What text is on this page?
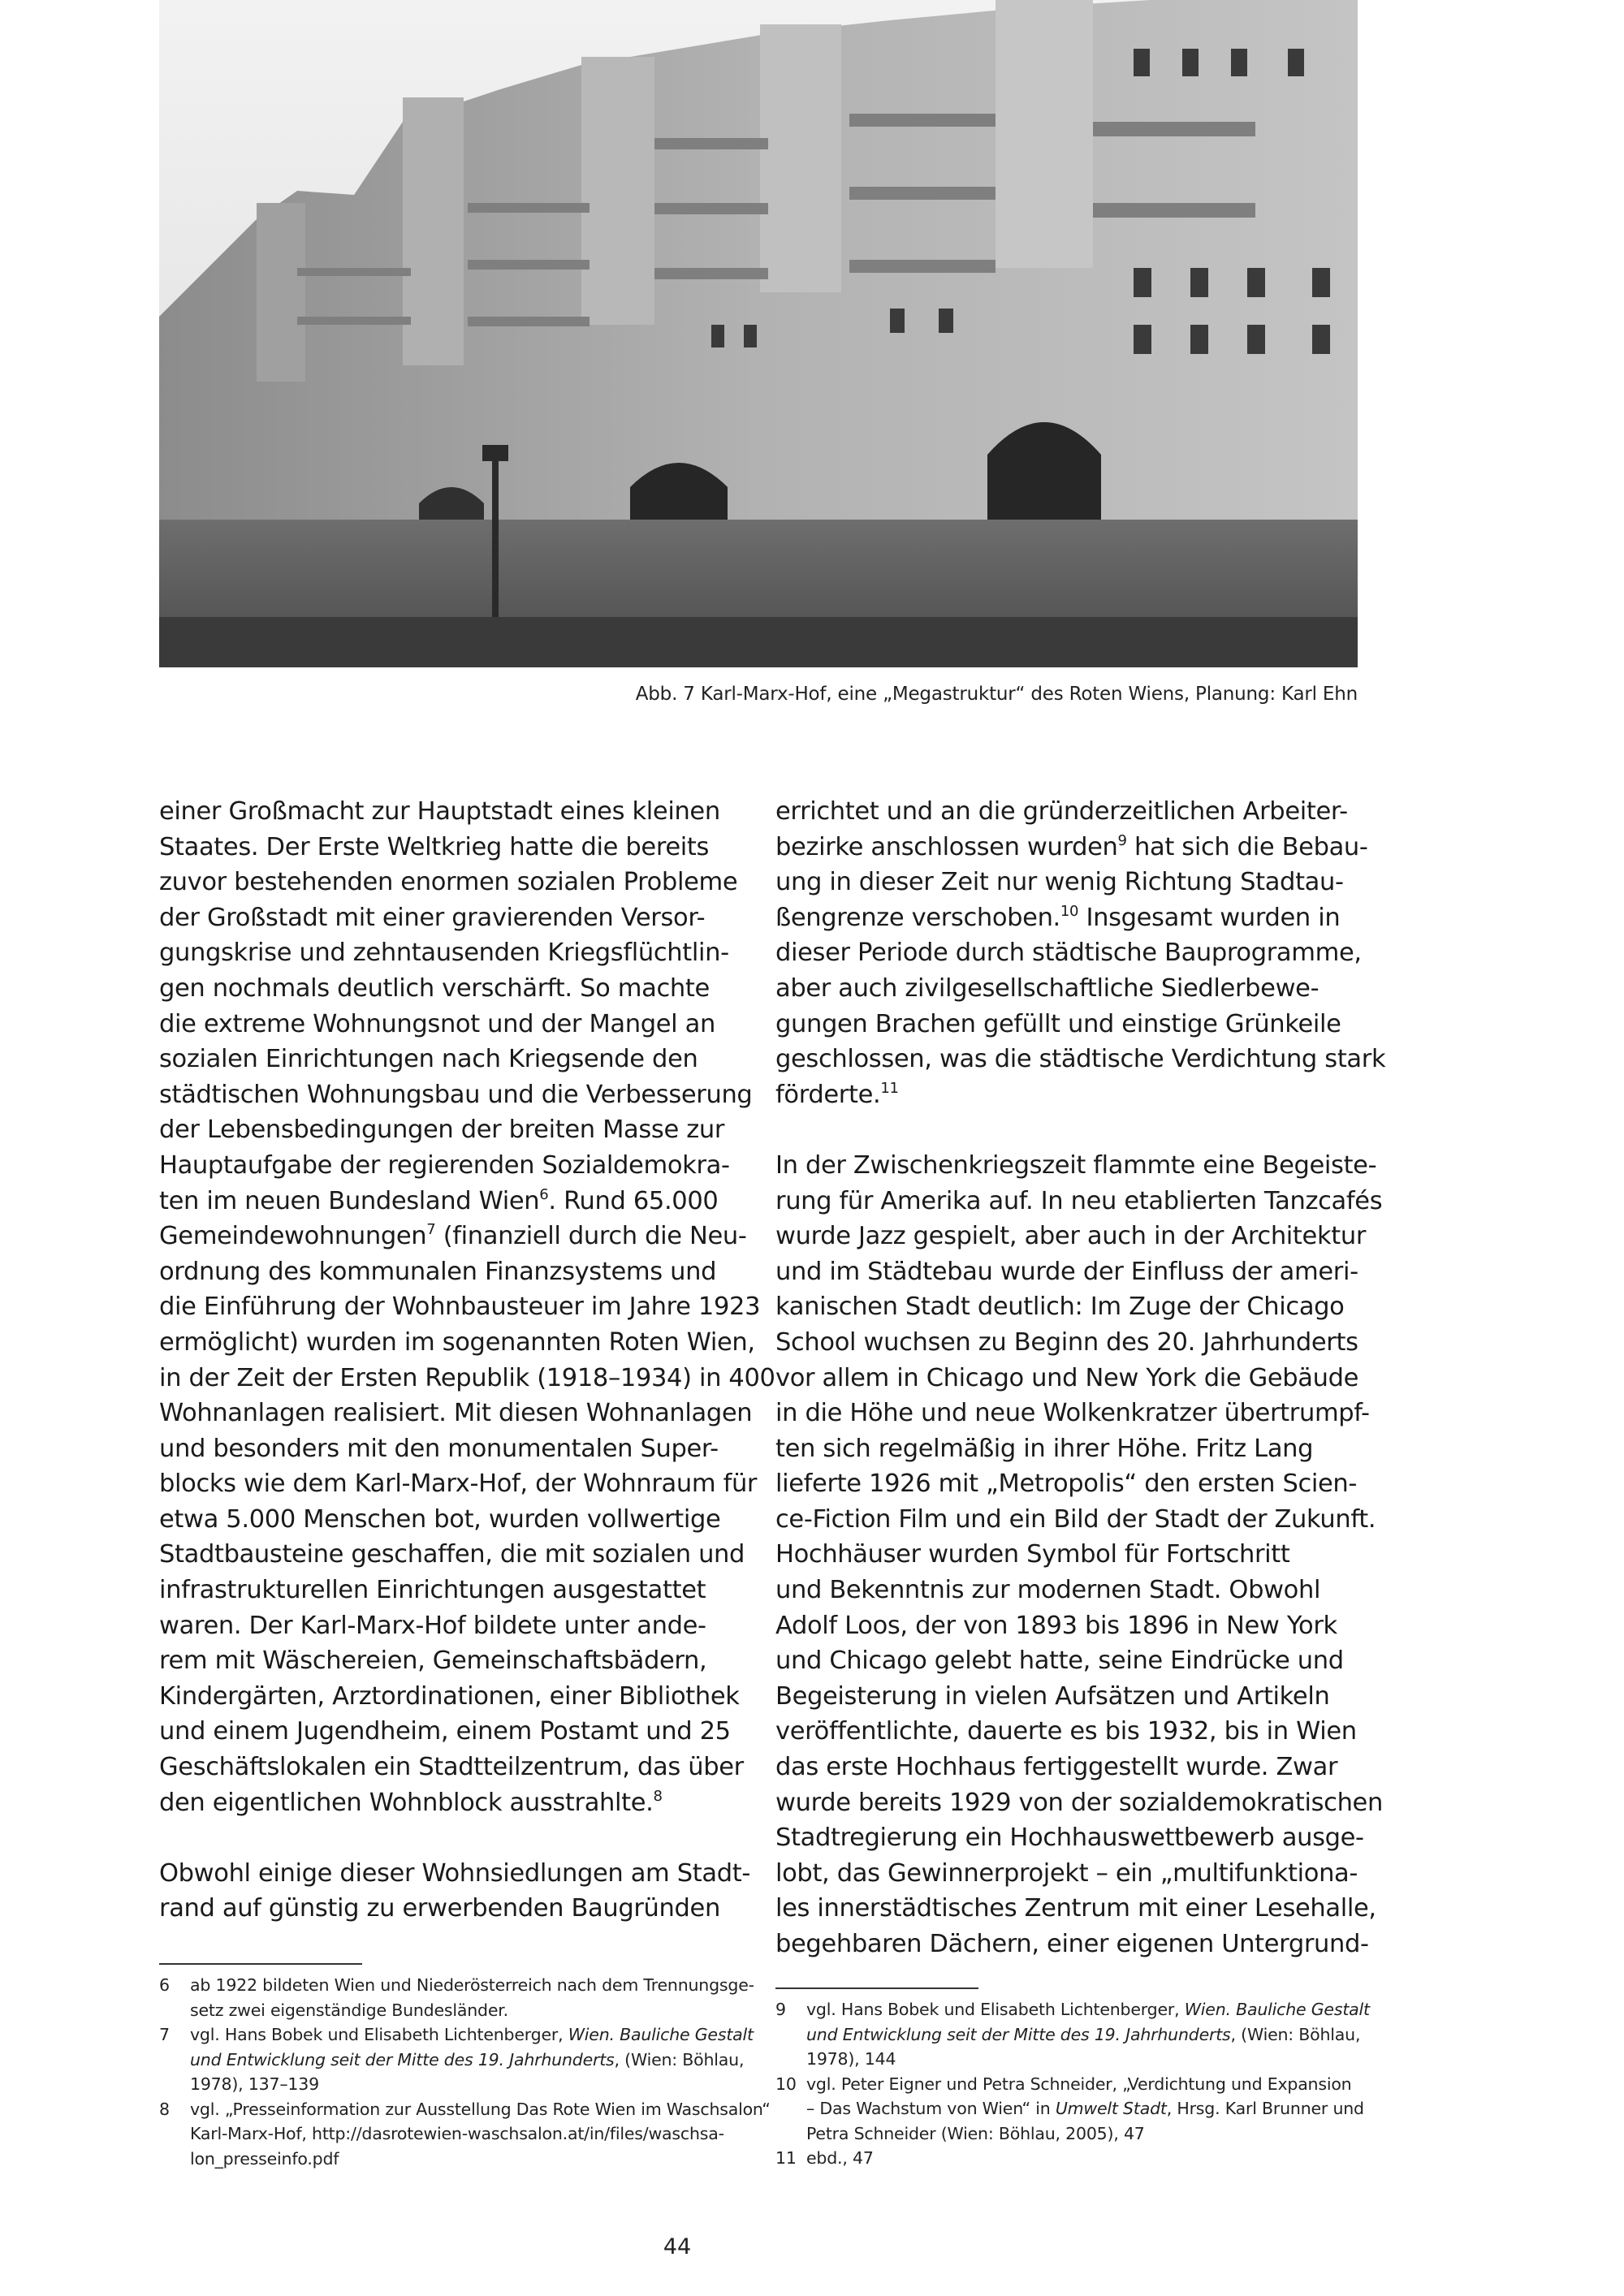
Abb. 7 Karl-Marx-Hof, eine „Megastruktur“ des Roten Wiens, Planung: Karl Ehn

einer Großmacht zur Hauptstadt eines kleinen
Staates. Der Erste Weltkrieg hatte die bereits
zuvor bestehenden enormen sozialen Probleme
der Großstadt mit einer gravierenden Versor-
gungskrise und zehntausenden Kriegsflüchtlin-
gen nochmals deutlich verschärft. So machte
die extreme Wohnungsnot und der Mangel an
sozialen Einrichtungen nach Kriegsende den
städtischen Wohnungsbau und die Verbesserung
der Lebensbedingungen der breiten Masse zur
Hauptaufgabe der regierenden Sozialdemokra-
ten im neuen Bundesland Wien$^6$. Rund 65.000
Gemeindewohnungen$^7$ (finanziell durch die Neu-
ordnung des kommunalen Finanzsystems und
die Einführung der Wohnbausteuer im Jahre 1923
ermöglicht) wurden im sogenannten Roten Wien,
in der Zeit der Ersten Republik (1918–1934) in 400
Wohnanlagen realisiert. Mit diesen Wohnanlagen
und besonders mit den monumentalen Super-
blocks wie dem Karl-Marx-Hof, der Wohnraum für
etwa 5.000 Menschen bot, wurden vollwertige
Stadtbausteine geschaffen, die mit sozialen und
infrastrukturellen Einrichtungen ausgestattet
waren. Der Karl-Marx-Hof bildete unter ande-
rem mit Wäschereien, Gemeinschaftsbädern,
Kindergärten, Arztordinationen, einer Bibliothek
und einem Jugendheim, einem Postamt und 25
Geschäftslokalen ein Stadtteilzentrum, das über
den eigentlichen Wohnblock ausstrahlte.$^8$

Obwohl einige dieser Wohnsiedlungen am Stadt-
rand auf günstig zu erwerbenden Baugründen

errichtet und an die gründerzeitlichen Arbeiter-
bezirke anschlossen wurden$^9$ hat sich die Bebau-
ung in dieser Zeit nur wenig Richtung Stadtau-
ßengrenze verschoben.$^{10}$ Insgesamt wurden in
dieser Periode durch städtische Bauprogramme,
aber auch zivilgesellschaftliche Siedlerbewe-
gungen Brachen gefüllt und einstige Grünkeile
geschlossen, was die städtische Verdichtung stark
förderte.$^{11}$

In der Zwischenkriegszeit flammte eine Begeiste-
rung für Amerika auf. In neu etablierten Tanzcafés
wurde Jazz gespielt, aber auch in der Architektur
und im Städtebau wurde der Einfluss der ameri-
kanischen Stadt deutlich: Im Zuge der Chicago
School wuchsen zu Beginn des 20. Jahrhunderts
vor allem in Chicago und New York die Gebäude
in die Höhe und neue Wolkenkratzer übertrumpf-
ten sich regelmäßig in ihrer Höhe. Fritz Lang
lieferte 1926 mit „Metropolis“ den ersten Scien-
ce-Fiction Film und ein Bild der Stadt der Zukunft.
Hochhäuser wurden Symbol für Fortschritt
und Bekenntnis zur modernen Stadt. Obwohl
Adolf Loos, der von 1893 bis 1896 in New York
und Chicago gelebt hatte, seine Eindrücke und
Begeisterung in vielen Aufsätzen und Artikeln
veröffentlichte, dauerte es bis 1932, bis in Wien
das erste Hochhaus fertiggestellt wurde. Zwar
wurde bereits 1929 von der sozialdemokratischen
Stadtregierung ein Hochhauswettbewerb ausge-
lobt, das Gewinnerprojekt – ein „multifunktiona-
les innerstädtisches Zentrum mit einer Lesehalle,
begehbaren Dächern, einer eigenen Untergrund-

6	ab 1922 bildeten Wien und Niederösterreich nach dem Trennungsge-
setz zwei eigenständige Bundesländer.
7	vgl. Hans Bobek und Elisabeth Lichtenberger, Wien. Bauliche Gestalt
und Entwicklung seit der Mitte des 19. Jahrhunderts, (Wien: Böhlau,
1978), 137–139
8	vgl. „Presseinformation zur Ausstellung Das Rote Wien im Waschsalon“
Karl-Marx-Hof, http://dasrotewien-waschsalon.at/in/files/waschsa-
lon_presseinfo.pdf
9	vgl. Hans Bobek und Elisabeth Lichtenberger, Wien. Bauliche Gestalt
und Entwicklung seit der Mitte des 19. Jahrhunderts, (Wien: Böhlau,
1978), 144
10 vgl. Peter Eigner und Petra Schneider, „Verdichtung und Expansion
– Das Wachstum von Wien“ in Umwelt Stadt, Hrsg. Karl Brunner und
Petra Schneider (Wien: Böhlau, 2005), 47
11 ebd., 47
44
